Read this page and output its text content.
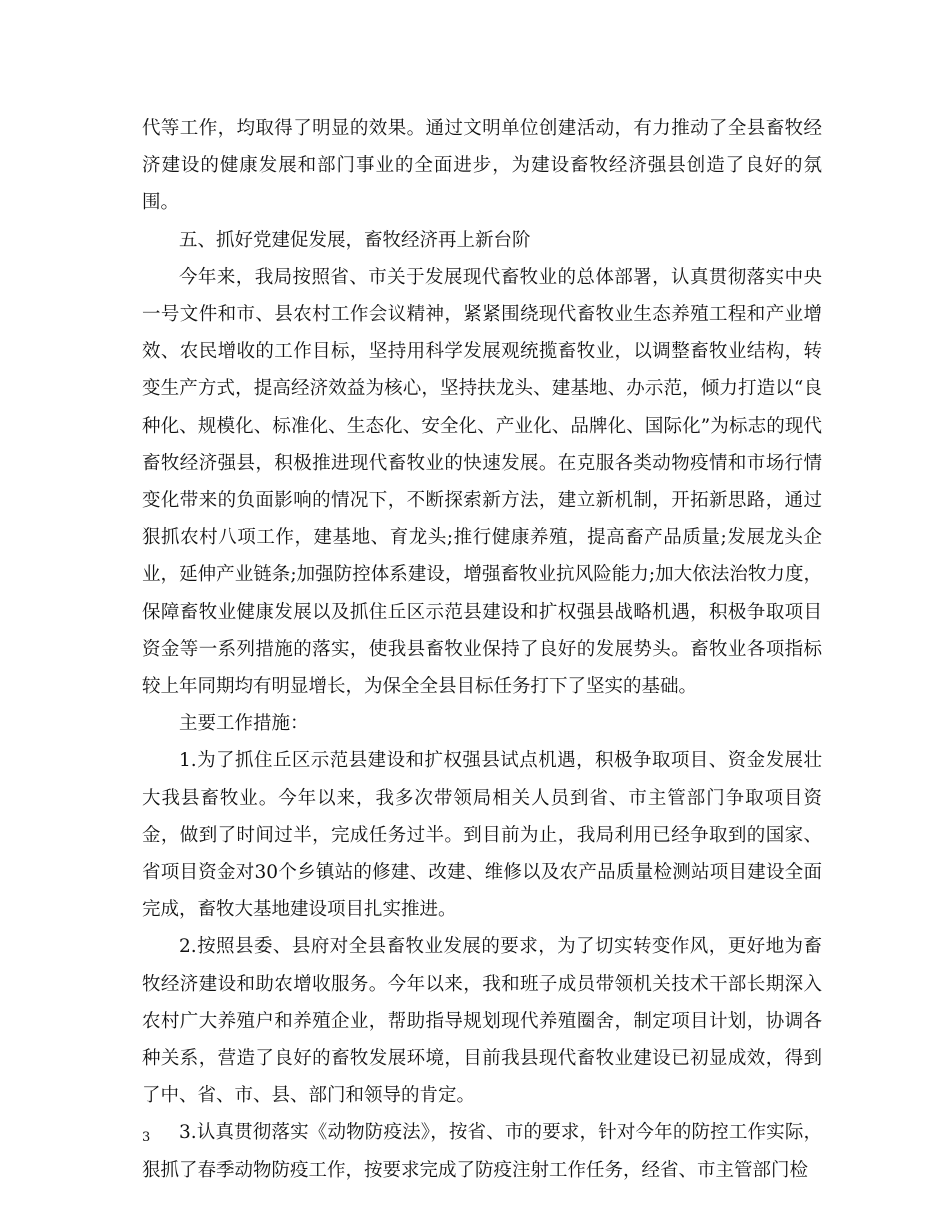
代等工作，均取得了明显的效果。通过文明单位创建活动，有力推动了全县畜牧经济建设的健康发展和部门事业的全面进步，为建设畜牧经济强县创造了良好的氛围。

五、抓好党建促发展，畜牧经济再上新台阶

今年来，我局按照省、市关于发展现代畜牧业的总体部署，认真贯彻落实中央一号文件和市、县农村工作会议精神，紧紧围绕现代畜牧业生态养殖工程和产业增效、农民增收的工作目标，坚持用科学发展观统揽畜牧业，以调整畜牧业结构，转变生产方式，提高经济效益为核心，坚持扶龙头、建基地、办示范，倾力打造以“良种化、规模化、标准化、生态化、安全化、产业化、品牌化、国际化”为标志的现代畜牧经济强县，积极推进现代畜牧业的快速发展。在克服各类动物疫情和市场行情变化带来的负面影响的情况下，不断探索新方法，建立新机制，开拓新思路，通过狠抓农村八项工作，建基地、育龙头;推行健康养殖，提高畜产品质量;发展龙头企业，延伸产业链条;加强防控体系建设，增强畜牧业抗风险能力;加大依法治牧力度，保障畜牧业健康发展以及抓住丘区示范县建设和扩权强县战略机遇，积极争取项目资金等一系列措施的落实，使我县畜牧业保持了良好的发展势头。畜牧业各项指标较上年同期均有明显增长，为保全全县目标任务打下了坚实的基础。

主要工作措施：

1.为了抓住丘区示范县建设和扩权强县试点机遇，积极争取项目、资金发展壮大我县畜牧业。今年以来，我多次带领局相关人员到省、市主管部门争取项目资金，做到了时间过半，完成任务过半。到目前为止，我局利用已经争取到的国家、省项目资金对30个乡镇站的修建、改建、维修以及农产品质量检测站项目建设全面完成，畜牧大基地建设项目扎实推进。

2.按照县委、县府对全县畜牧业发展的要求，为了切实转变作风，更好地为畜牧经济建设和助农增收服务。今年以来，我和班子成员带领机关技术干部长期深入农村广大养殖户和养殖企业，帮助指导规划现代养殖圈舍，制定项目计划，协调各种关系，营造了良好的畜牧发展环境，目前我县现代畜牧业建设已初显成效，得到了中、省、市、县、部门和领导的肯定。

3.认真贯彻落实《动物防疫法》，按省、市的要求，针对今年的防控工作实际，狠抓了春季动物防疫工作，按要求完成了防疫注射工作任务，经省、市主管部门检

3
